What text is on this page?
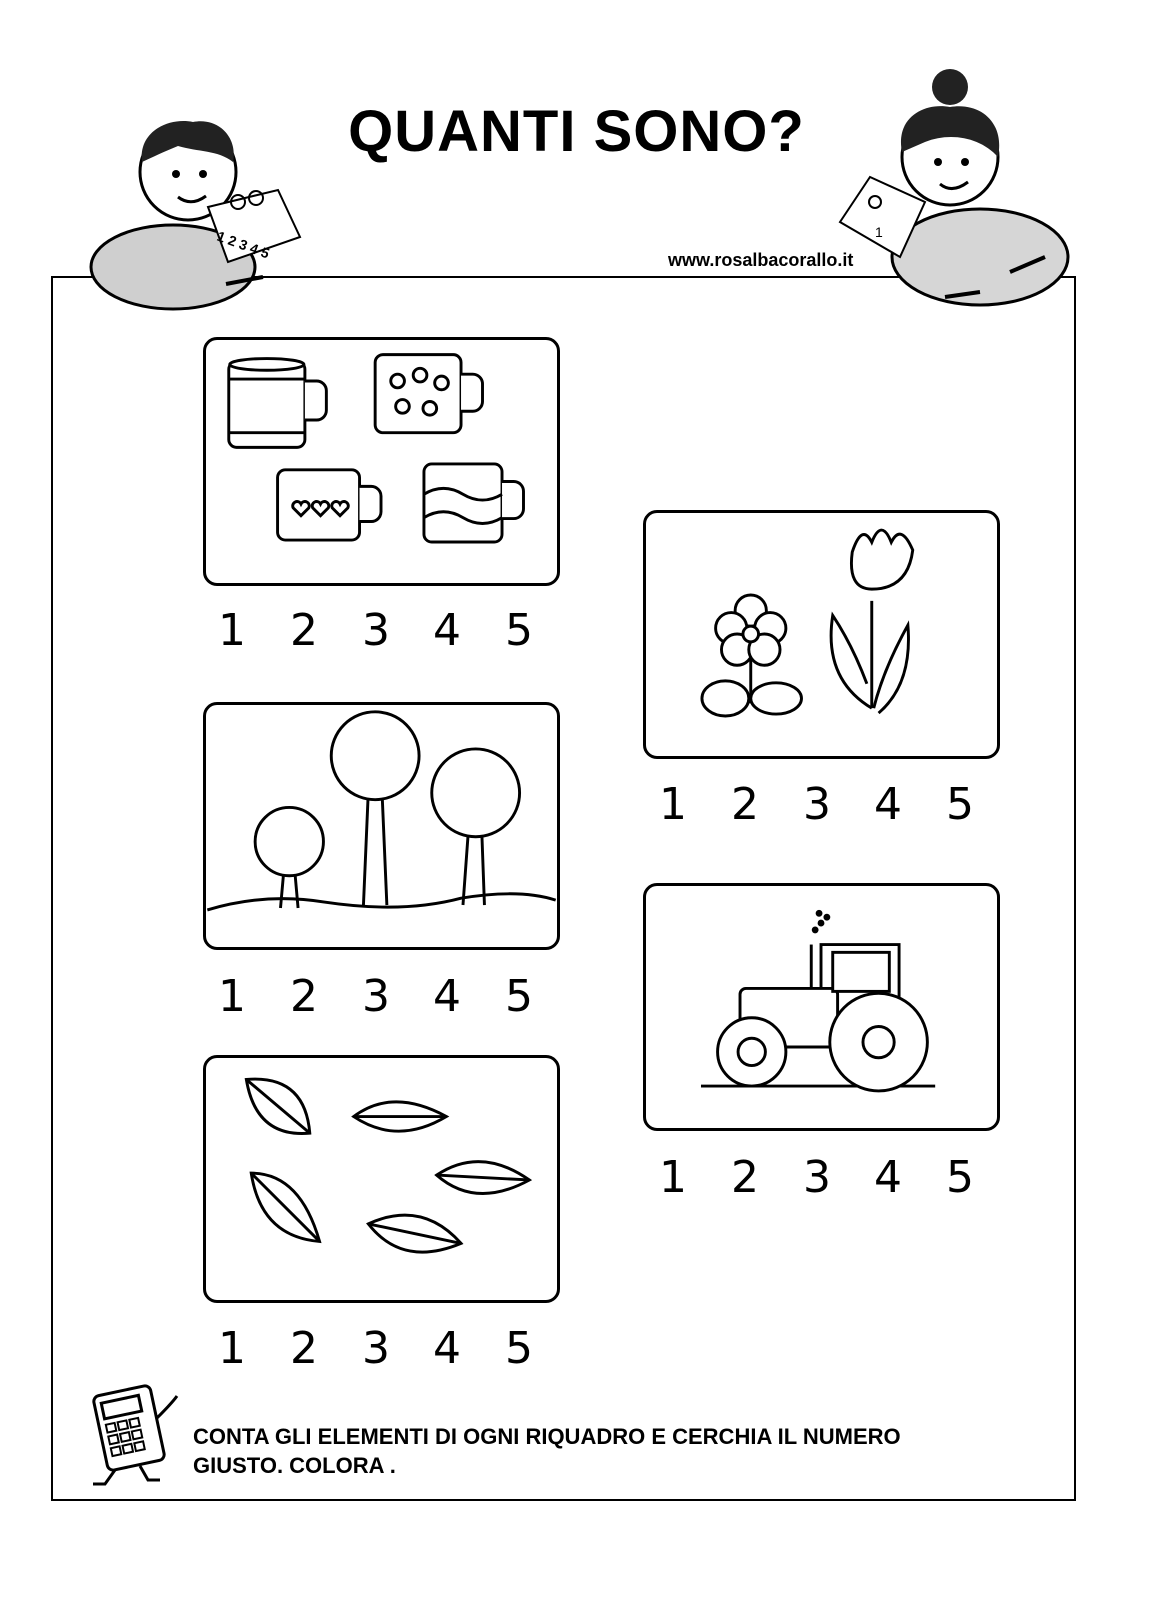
QUANTI SONO?
www.rosalbacorallo.it
1 2 3 4 5	1
1 2 3 4 5
1 2 3 4 5
1 2 3 4 5
1 2 3 4 5
1 2 3 4 5
CONTA GLI ELEMENTI DI OGNI RIQUADRO E CERCHIA IL NUMERO
GIUSTO. COLORA .
